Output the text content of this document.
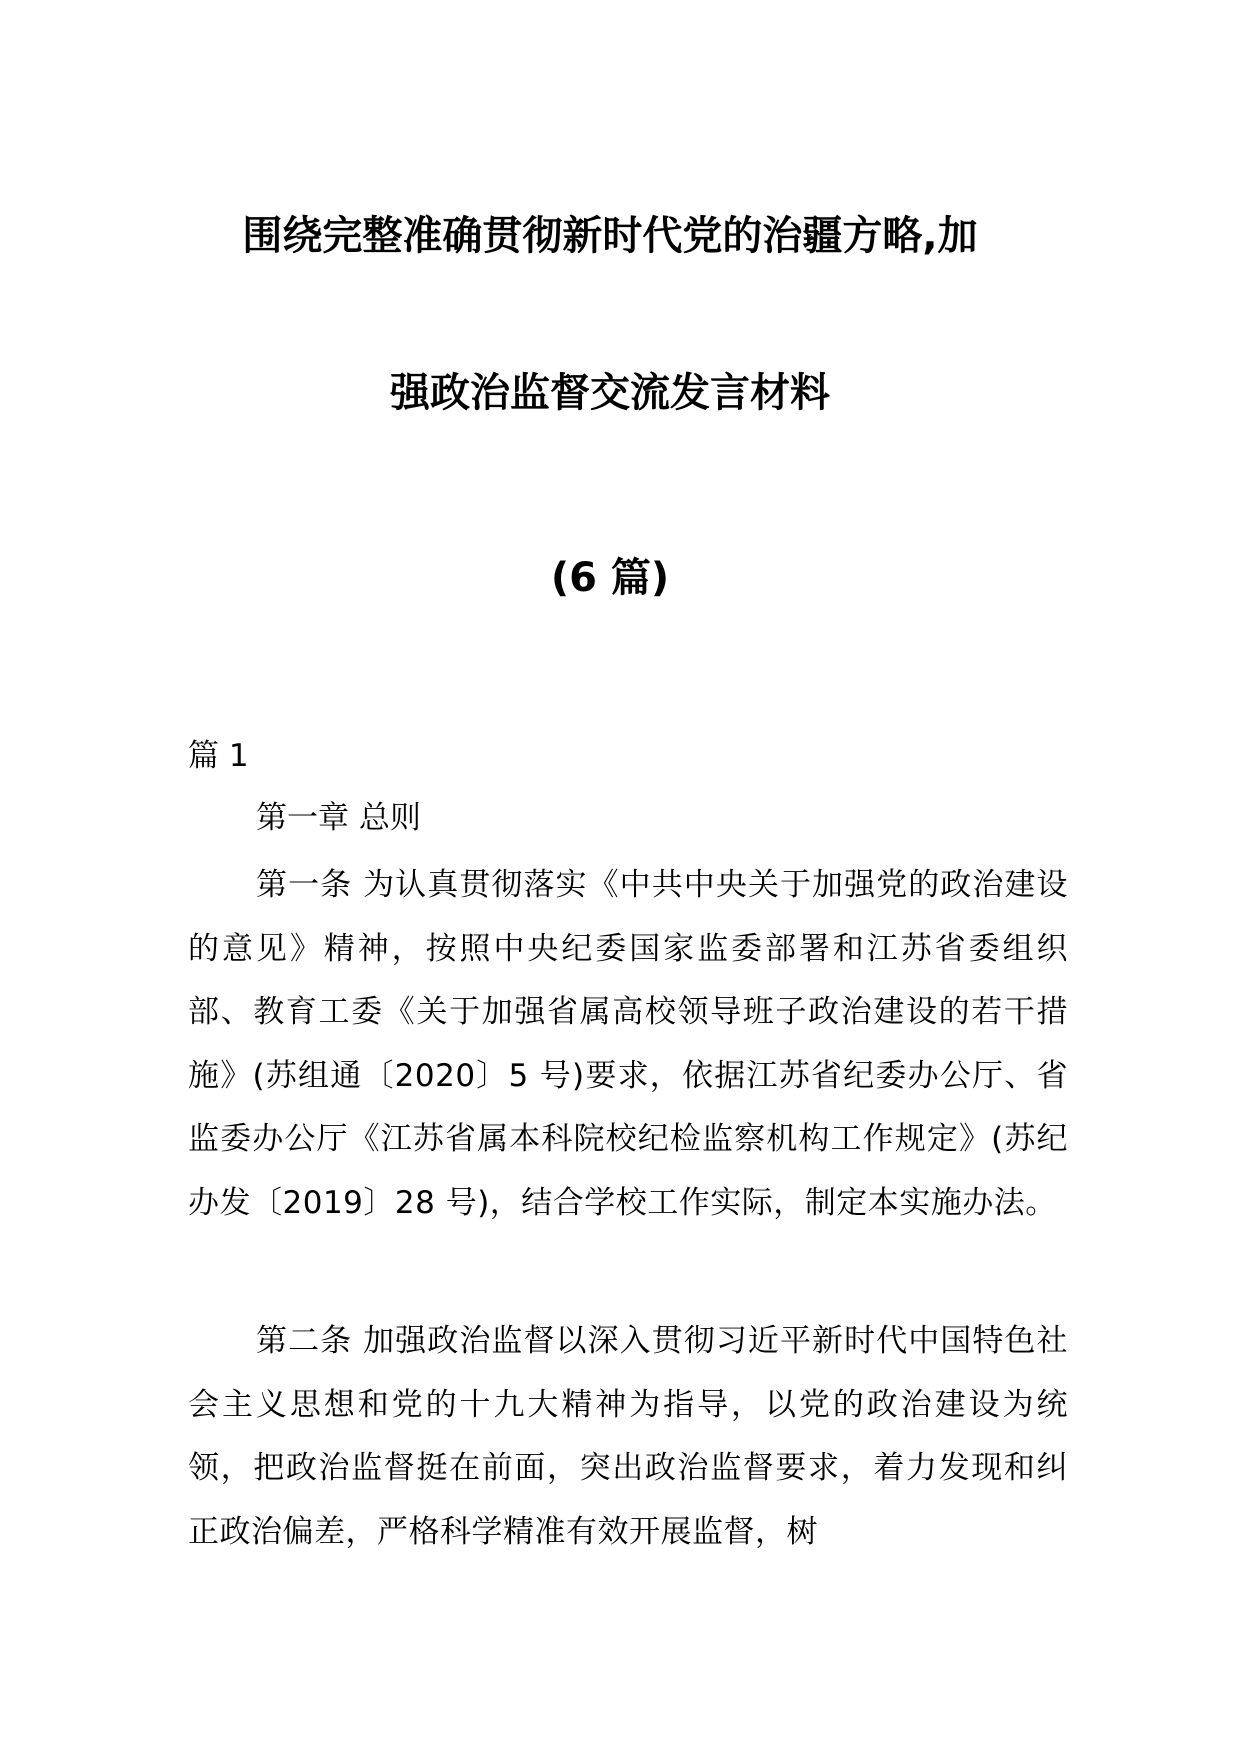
围绕完整准确贯彻新时代党的治疆方略,加
强政治监督交流发言材料
(6 篇)
篇 1
第一章 总则

第一条 为认真贯彻落实《中共中央关于加强党的政治建设的意见》精神，按照中央纪委国家监委部署和江苏省委组织部、教育工委《关于加强省属高校领导班子政治建设的若干措施》(苏组通〔2020〕5 号)要求，依据江苏省纪委办公厅、省监委办公厅《江苏省属本科院校纪检监察机构工作规定》(苏纪办发〔2019〕28 号)，结合学校工作实际，制定本实施办法。

第二条 加强政治监督以深入贯彻习近平新时代中国特色社会主义思想和党的十九大精神为指导，以党的政治建设为统领，把政治监督挺在前面，突出政治监督要求，着力发现和纠正政治偏差，严格科学精准有效开展监督，树
